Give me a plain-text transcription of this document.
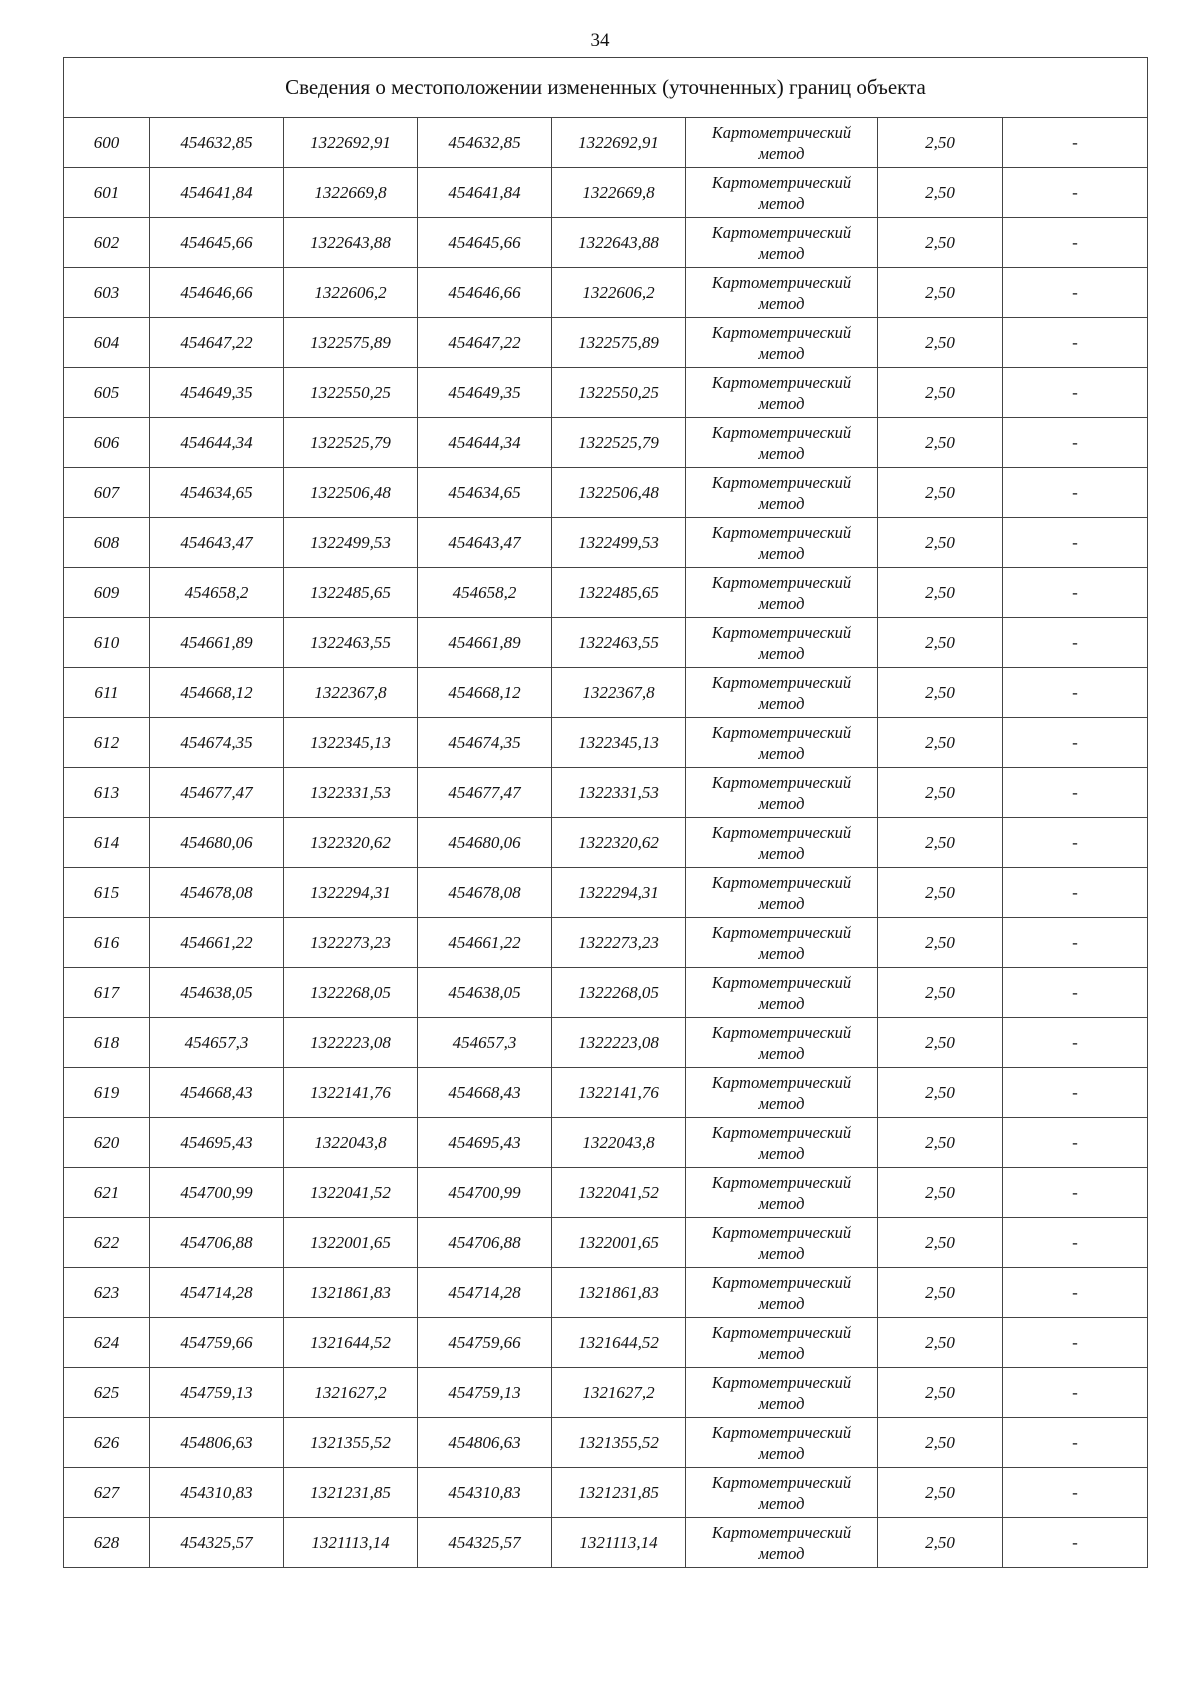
34
Сведения о местоположении измененных (уточненных) границ объекта							
600	454632,85	1322692,91	454632,85	1322692,91	Картометрический
метод	2,50	-
601	454641,84	1322669,8	454641,84	1322669,8	Картометрический
метод	2,50	-
602	454645,66	1322643,88	454645,66	1322643,88	Картометрический
метод	2,50	-
603	454646,66	1322606,2	454646,66	1322606,2	Картометрический
метод	2,50	-
604	454647,22	1322575,89	454647,22	1322575,89	Картометрический
метод	2,50	-
605	454649,35	1322550,25	454649,35	1322550,25	Картометрический
метод	2,50	-
606	454644,34	1322525,79	454644,34	1322525,79	Картометрический
метод	2,50	-
607	454634,65	1322506,48	454634,65	1322506,48	Картометрический
метод	2,50	-
608	454643,47	1322499,53	454643,47	1322499,53	Картометрический
метод	2,50	-
609	454658,2	1322485,65	454658,2	1322485,65	Картометрический
метод	2,50	-
610	454661,89	1322463,55	454661,89	1322463,55	Картометрический
метод	2,50	-
611	454668,12	1322367,8	454668,12	1322367,8	Картометрический
метод	2,50	-
612	454674,35	1322345,13	454674,35	1322345,13	Картометрический
метод	2,50	-
613	454677,47	1322331,53	454677,47	1322331,53	Картометрический
метод	2,50	-
614	454680,06	1322320,62	454680,06	1322320,62	Картометрический
метод	2,50	-
615	454678,08	1322294,31	454678,08	1322294,31	Картометрический
метод	2,50	-
616	454661,22	1322273,23	454661,22	1322273,23	Картометрический
метод	2,50	-
617	454638,05	1322268,05	454638,05	1322268,05	Картометрический
метод	2,50	-
618	454657,3	1322223,08	454657,3	1322223,08	Картометрический
метод	2,50	-
619	454668,43	1322141,76	454668,43	1322141,76	Картометрический
метод	2,50	-
620	454695,43	1322043,8	454695,43	1322043,8	Картометрический
метод	2,50	-
621	454700,99	1322041,52	454700,99	1322041,52	Картометрический
метод	2,50	-
622	454706,88	1322001,65	454706,88	1322001,65	Картометрический
метод	2,50	-
623	454714,28	1321861,83	454714,28	1321861,83	Картометрический
метод	2,50	-
624	454759,66	1321644,52	454759,66	1321644,52	Картометрический
метод	2,50	-
625	454759,13	1321627,2	454759,13	1321627,2	Картометрический
метод	2,50	-
626	454806,63	1321355,52	454806,63	1321355,52	Картометрический
метод	2,50	-
627	454310,83	1321231,85	454310,83	1321231,85	Картометрический
метод	2,50	-
628	454325,57	1321113,14	454325,57	1321113,14	Картометрический
метод	2,50	-
